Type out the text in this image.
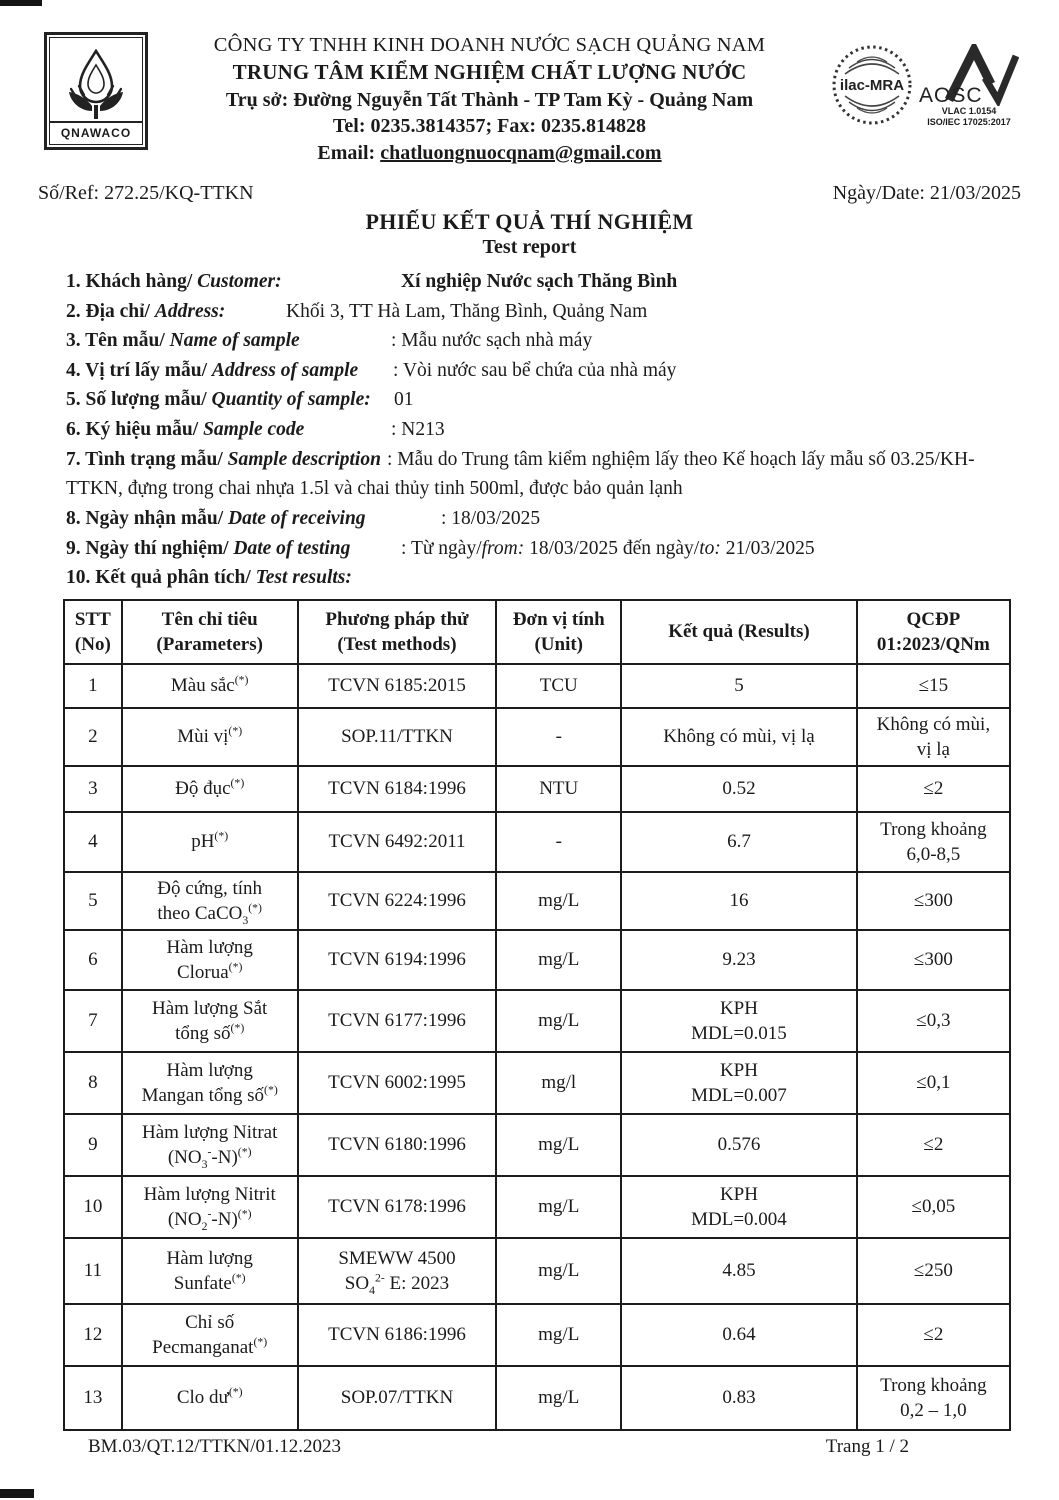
QNAWACO
CÔNG TY TNHH KINH DOANH NƯỚC SẠCH QUẢNG NAM
TRUNG TÂM KIỂM NGHIỆM CHẤT LƯỢNG NƯỚC
Trụ sở: Đường Nguyễn Tất Thành - TP Tam Kỳ - Quảng Nam
Tel: 0235.3814357; Fax: 0235.814828
Email: chatluongnuocqnam@gmail.com
ilac-MRA AOSC
VLAC 1.0154
ISO/IEC 17025:2017
Số/Ref: 272.25/KQ-TTKN	Ngày/Date: 21/03/2025
PHIẾU KẾT QUẢ THÍ NGHIỆM
Test report
1. Khách hàng/ Customer:	Xí nghiệp Nước sạch Thăng Bình
2. Địa chỉ/ Address:	Khối 3, TT Hà Lam, Thăng Bình, Quảng Nam
3. Tên mẫu/ Name of sample	: Mẫu nước sạch nhà máy
4. Vị trí lấy mẫu/ Address of sample : Vòi nước sau bể chứa của nhà máy
5. Số lượng mẫu/ Quantity of sample: 01
6. Ký hiệu mẫu/ Sample code	: N213
7. Tình trạng mẫu/ Sample description : Mẫu do Trung tâm kiểm nghiệm lấy theo Kế hoạch lấy mẫu số 03.25/KH-TTKN, đựng trong chai nhựa 1.5l và chai thủy tinh 500ml, được bảo quản lạnh
8. Ngày nhận mẫu/ Date of receiving	: 18/03/2025
9. Ngày thí nghiệm/ Date of testing	: Từ ngày/from: 18/03/2025 đến ngày/to: 21/03/2025
10. Kết quả phân tích/ Test results:
STT
(No)	Tên chỉ tiêu
(Parameters)	Phương pháp thử
(Test methods)	Đơn vị tính
(Unit)	Kết quả (Results)	QCĐP
01:2023/QNm
1	Màu sắc(*)	TCVN 6185:2015	TCU	5	≤15
2	Mùi vị(*)	SOP.11/TTKN	-	Không có mùi, vị lạ	Không có mùi,
vị lạ
3	Độ đục(*)	TCVN 6184:1996	NTU	0.52	≤2
4	pH(*)	TCVN 6492:2011	-	6.7	Trong khoảng
6,0-8,5
5	Độ cứng, tính
theo CaCO$_3$(*)	TCVN 6224:1996	mg/L	16	≤300
6	Hàm lượng
Clorua(*)	TCVN 6194:1996	mg/L	9.23	≤300
7	Hàm lượng Sắt
tổng số(*)	TCVN 6177:1996	mg/L	KPH
MDL=0.015	≤0,3
8	Hàm lượng
Mangan tổng số(*)	TCVN 6002:1995	mg/l	KPH
MDL=0.007	≤0,1
9	Hàm lượng Nitrat
$(NO_3^--N)^{(*)}$	TCVN 6180:1996	mg/L	0.576	≤2
10	Hàm lượng Nitrit
$(NO_2^--N)^{(*)}$	TCVN 6178:1996	mg/L	KPH
MDL=0.004	≤0,05
11	Hàm lượng
Sunfate(*)	SMEWW 4500
$SO_4^{2-}$ E: 2023	mg/L	4.85	≤250
12	Chỉ số
Pecmanganat(*)	TCVN 6186:1996	mg/L	0.64	≤2
13	Clo dư(*)	SOP.07/TTKN	mg/L	0.83	Trong khoảng
0,2 – 1,0
BM.03/QT.12/TTKN/01.12.2023	Trang 1 / 2
